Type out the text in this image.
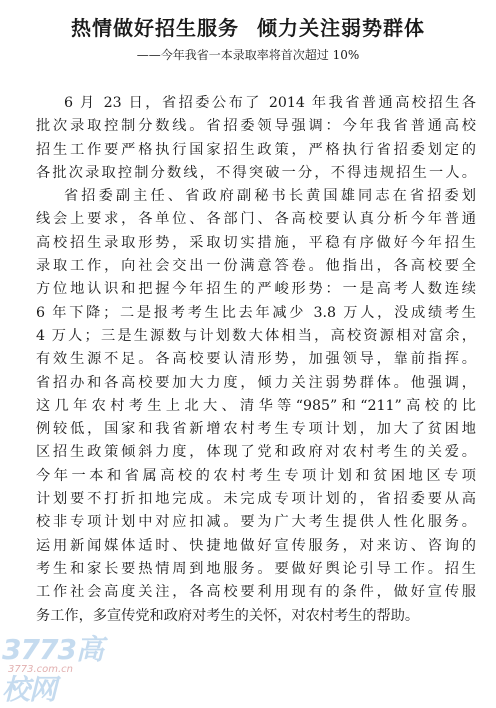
热情做好招生服务 倾力关注弱势群体
——今年我省一本录取率将首次超过 10%
6 月 23 日，省招委公布了 2014 年我省普通高校招生各
批次录取控制分数线。省招委领导强调：今年我省普通高校
招生工作要严格执行国家招生政策，严格执行省招委划定的
各批次录取控制分数线，不得突破一分，不得违规招生一人。
省招委副主任、省政府副秘书长黄国雄同志在省招委划
线会上要求，各单位、各部门、各高校要认真分析今年普通
高校招生录取形势，采取切实措施，平稳有序做好今年招生
录取工作，向社会交出一份满意答卷。他指出，各高校要全
方位地认识和把握今年招生的严峻形势：一是高考人数连续
6 年下降；二是报考考生比去年减少 3.8 万人，没成绩考生
4 万人；三是生源数与计划数大体相当，高校资源相对富余，
有效生源不足。各高校要认清形势，加强领导，靠前指挥。
省招办和各高校要加大力度，倾力关注弱势群体。他强调，
这几年农村考生上北大、清华等“985”和“211”高校的比
例较低，国家和我省新增农村考生专项计划，加大了贫困地
区招生政策倾斜力度，体现了党和政府对农村考生的关爱。
今年一本和省属高校的农村考生专项计划和贫困地区专项
计划要不打折扣地完成。未完成专项计划的，省招委要从高
校非专项计划中对应扣减。要为广大考生提供人性化服务。
运用新闻媒体适时、快捷地做好宣传服务，对来访、咨询的
考生和家长要热情周到地服务。要做好舆论引导工作。招生
工作社会高度关注，各高校要利用现有的条件，做好宣传服
务工作，多宣传党和政府对考生的关怀，对农村考生的帮助。
3773高校网
3773.com.cn
